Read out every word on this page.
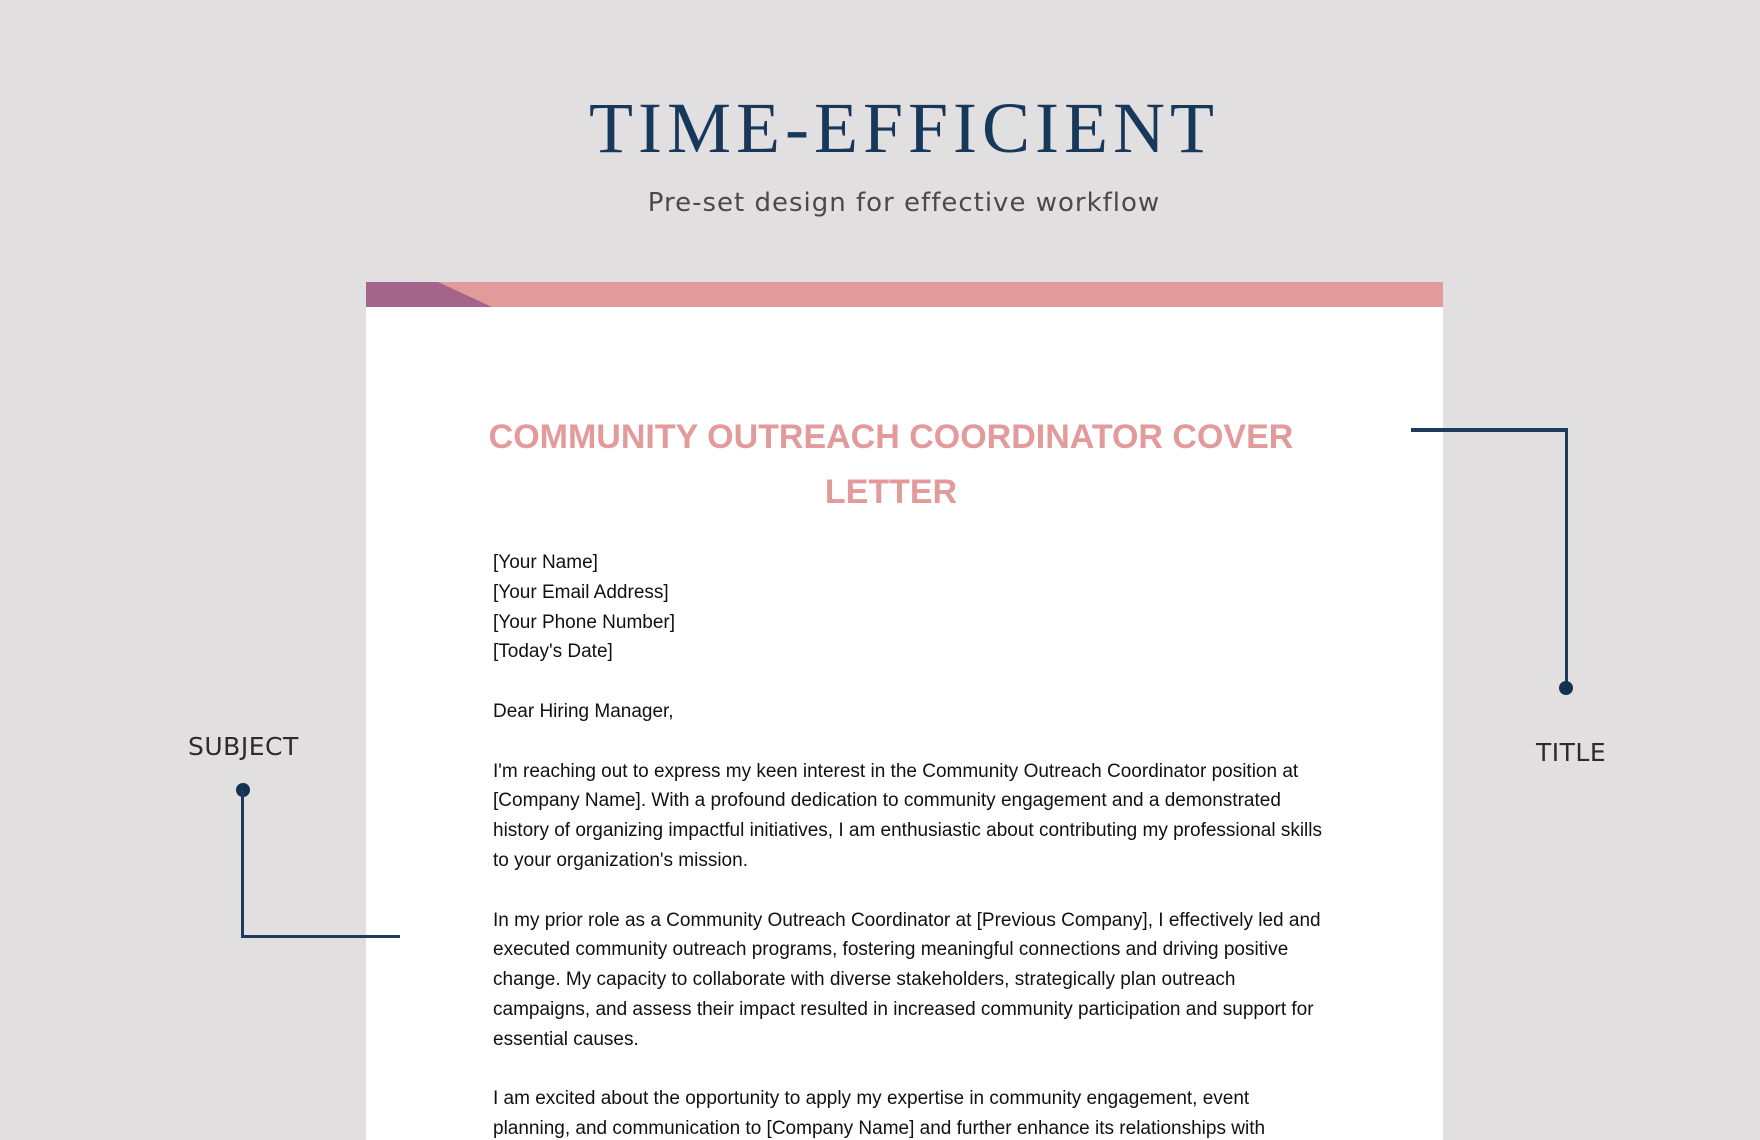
TIME-EFFICIENT
Pre-set design for effective workflow
COMMUNITY OUTREACH COORDINATOR COVER LETTER

[Your Name]
[Your Email Address]
[Your Phone Number]
[Today's Date]

Dear Hiring Manager,

I'm reaching out to express my keen interest in the Community Outreach Coordinator position at [Company Name]. With a profound dedication to community engagement and a demonstrated history of organizing impactful initiatives, I am enthusiastic about contributing my professional skills to your organization's mission.

In my prior role as a Community Outreach Coordinator at [Previous Company], I effectively led and executed community outreach programs, fostering meaningful connections and driving positive change. My capacity to collaborate with diverse stakeholders, strategically plan outreach campaigns, and assess their impact resulted in increased community participation and support for essential causes.

I am excited about the opportunity to apply my expertise in community engagement, event planning, and communication to [Company Name] and further enhance its relationships with

SUBJECT	TITLE
